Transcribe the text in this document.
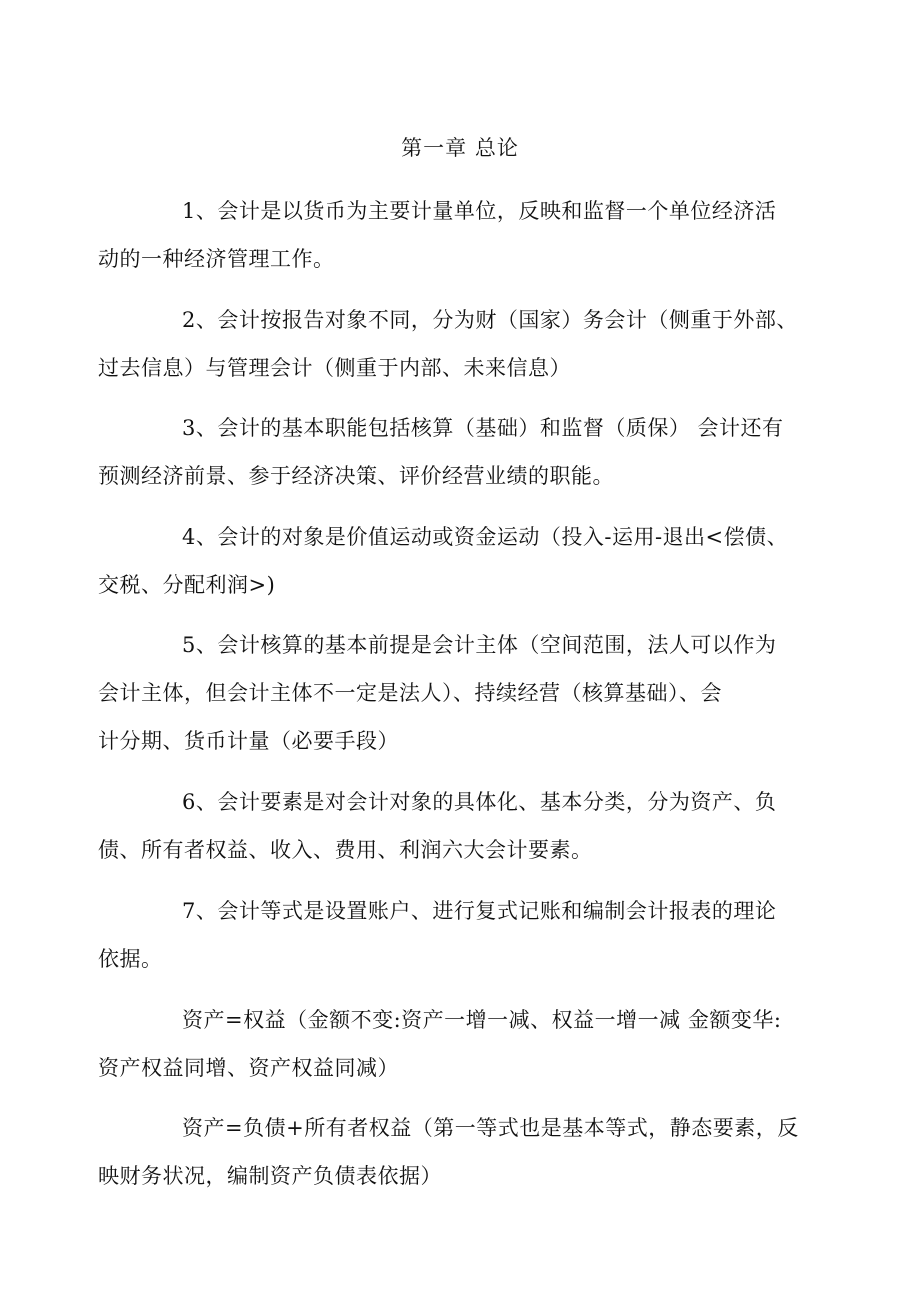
第一章 总论

1、会计是以货币为主要计量单位，反映和监督一个单位经济活
动的一种经济管理工作。

2、会计按报告对象不同，分为财（国家）务会计（侧重于外部、
过去信息）与管理会计（侧重于内部、未来信息）

3、会计的基本职能包括核算（基础）和监督（质保） 会计还有
预测经济前景、参于经济决策、评价经营业绩的职能。

4、会计的对象是价值运动或资金运动（投入-运用-退出<偿债、
交税、分配利润>)

5、会计核算的基本前提是会计主体（空间范围，法人可以作为
会计主体，但会计主体不一定是法人）、持续经营（核算基础）、会
计分期、货币计量（必要手段）

6、会计要素是对会计对象的具体化、基本分类，分为资产、负
债、所有者权益、收入、费用、利润六大会计要素。

7、会计等式是设置账户、进行复式记账和编制会计报表的理论
依据。

资产=权益（金额不变:资产一增一减、权益一增一减 金额变华:
资产权益同增、资产权益同减）

资产=负债+所有者权益（第一等式也是基本等式，静态要素，反
映财务状况，编制资产负债表依据）
